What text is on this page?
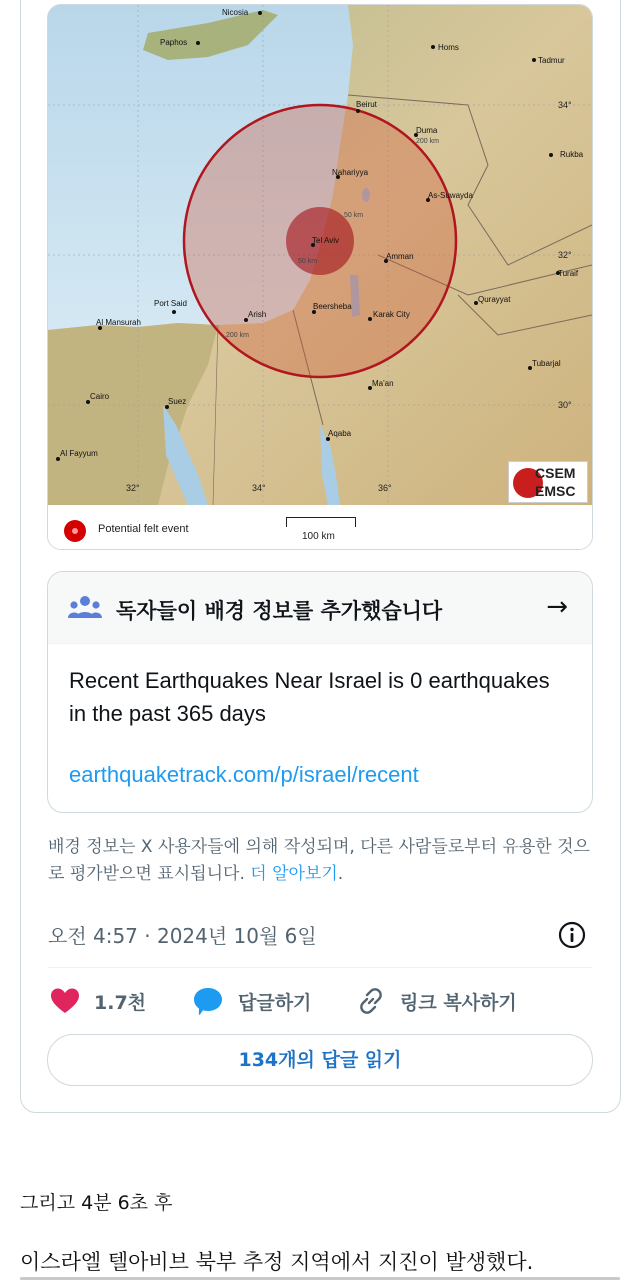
Nicosia
Paphos
Homs
Tadmur
Beirut
Duma
Rukba
Nahariyya
As-Suwayda
Tel Aviv
Amman
Turaif
Port Said
Al Mansurah
Arish
Beersheba
Karak City
Qurayyat
Tubarjal
Cairo
Suez
Ma'an
Aqaba
Al Fayyum
200 km
200 km
50 km
50 km
34°
32°
30°
32°	34°	36°
CSEM
EMSC
Potential felt event
100 km
독자들이 배경 정보를 추가했습니다	→
Recent Earthquakes Near Israel is 0 earthquakes in the past 365 days
earthquaketrack.com/p/israel/recent
배경 정보는 X 사용자들에 의해 작성되며, 다른 사람들로부터 유용한 것으로 평가받으면 표시됩니다. 더 알아보기.
오전 4:57 · 2024년 10월 6일
1.7천	답글하기	링크 복사하기
134개의 답글 읽기
그리고 4분 6초 후
이스라엘 텔아비브 북부 추정 지역에서 지진이 발생했다.
